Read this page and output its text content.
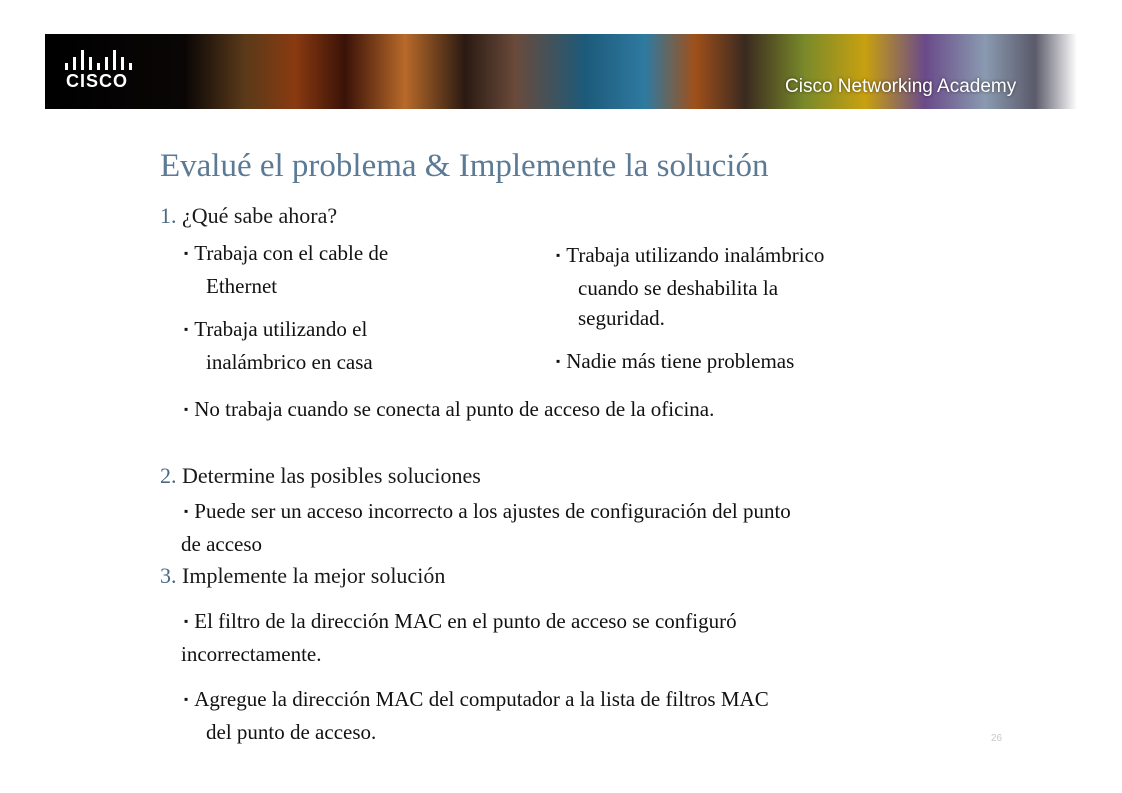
CISCO	Cisco Networking Academy
Evalué el problema & Implemente la solución
1. ¿Qué sabe ahora?
▪ Trabaja con el cable de
Ethernet
▪ Trabaja utilizando el
inalámbrico en casa
▪ Trabaja utilizando inalámbrico
cuando se deshabilita la
seguridad.
▪ Nadie más tiene problemas
▪ No trabaja cuando se conecta al punto de acceso de la oficina.
2. Determine las posibles soluciones
▪ Puede ser un acceso incorrecto a los ajustes de configuración del punto
de acceso
3. Implemente la mejor solución
▪ El filtro de la dirección MAC en el punto de acceso se configuró
incorrectamente.
▪ Agregue la dirección MAC del computador a la lista de filtros MAC
del punto de acceso.	26
